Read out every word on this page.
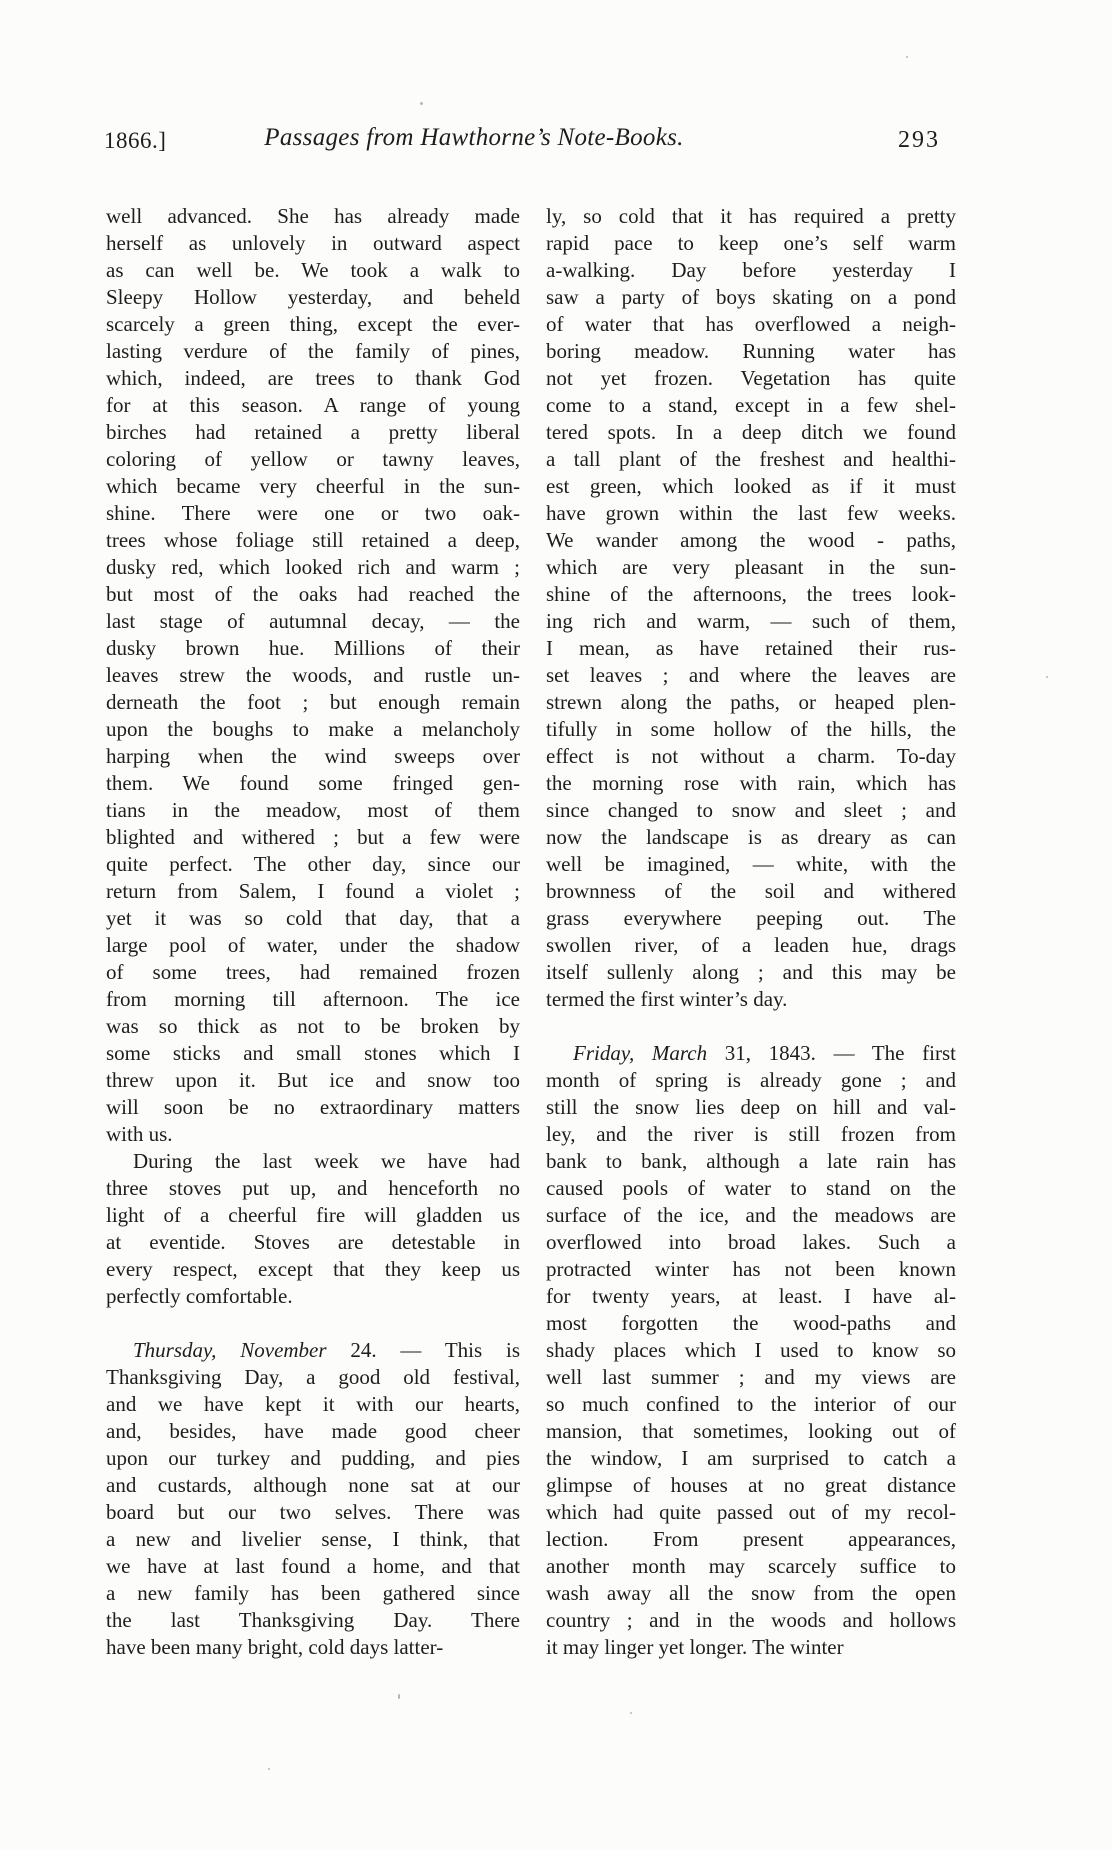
1866.]	Passages from Hawthorne’s Note-Books.	293
well advanced. She has already made
herself as unlovely in outward aspect
as can well be. We took a walk to
Sleepy Hollow yesterday, and beheld
scarcely a green thing, except the ever-
lasting verdure of the family of pines,
which, indeed, are trees to thank God
for at this season. A range of young
birches had retained a pretty liberal
coloring of yellow or tawny leaves,
which became very cheerful in the sun-
shine. There were one or two oak-
trees whose foliage still retained a deep,
dusky red, which looked rich and warm ;
but most of the oaks had reached the
last stage of autumnal decay, — the
dusky brown hue. Millions of their
leaves strew the woods, and rustle un-
derneath the foot ; but enough remain
upon the boughs to make a melancholy
harping when the wind sweeps over
them. We found some fringed gen-
tians in the meadow, most of them
blighted and withered ; but a few were
quite perfect. The other day, since our
return from Salem, I found a violet ;
yet it was so cold that day, that a
large pool of water, under the shadow
of some trees, had remained frozen
from morning till afternoon. The ice
was so thick as not to be broken by
some sticks and small stones which I
threw upon it. But ice and snow too
will soon be no extraordinary matters
with us.
During the last week we have had
three stoves put up, and henceforth no
light of a cheerful fire will gladden us
at eventide. Stoves are detestable in
every respect, except that they keep us
perfectly comfortable.
Thursday, November 24. — This is
Thanksgiving Day, a good old festival,
and we have kept it with our hearts,
and, besides, have made good cheer
upon our turkey and pudding, and pies
and custards, although none sat at our
board but our two selves. There was
a new and livelier sense, I think, that
we have at last found a home, and that
a new family has been gathered since
the last Thanksgiving Day. There
have been many bright, cold days latter-
ly, so cold that it has required a pretty
rapid pace to keep one’s self warm
a-walking. Day before yesterday I
saw a party of boys skating on a pond
of water that has overflowed a neigh-
boring meadow. Running water has
not yet frozen. Vegetation has quite
come to a stand, except in a few shel-
tered spots. In a deep ditch we found
a tall plant of the freshest and healthi-
est green, which looked as if it must
have grown within the last few weeks.
We wander among the wood - paths,
which are very pleasant in the sun-
shine of the afternoons, the trees look-
ing rich and warm, — such of them,
I mean, as have retained their rus-
set leaves ; and where the leaves are
strewn along the paths, or heaped plen-
tifully in some hollow of the hills, the
effect is not without a charm. To-day
the morning rose with rain, which has
since changed to snow and sleet ; and
now the landscape is as dreary as can
well be imagined, — white, with the
brownness of the soil and withered
grass everywhere peeping out. The
swollen river, of a leaden hue, drags
itself sullenly along ; and this may be
termed the first winter’s day.
Friday, March 31, 1843. — The first
month of spring is already gone ; and
still the snow lies deep on hill and val-
ley, and the river is still frozen from
bank to bank, although a late rain has
caused pools of water to stand on the
surface of the ice, and the meadows are
overflowed into broad lakes. Such a
protracted winter has not been known
for twenty years, at least. I have al-
most forgotten the wood-paths and
shady places which I used to know so
well last summer ; and my views are
so much confined to the interior of our
mansion, that sometimes, looking out of
the window, I am surprised to catch a
glimpse of houses at no great distance
which had quite passed out of my recol-
lection. From present appearances,
another month may scarcely suffice to
wash away all the snow from the open
country ; and in the woods and hollows
it may linger yet longer. The winter
